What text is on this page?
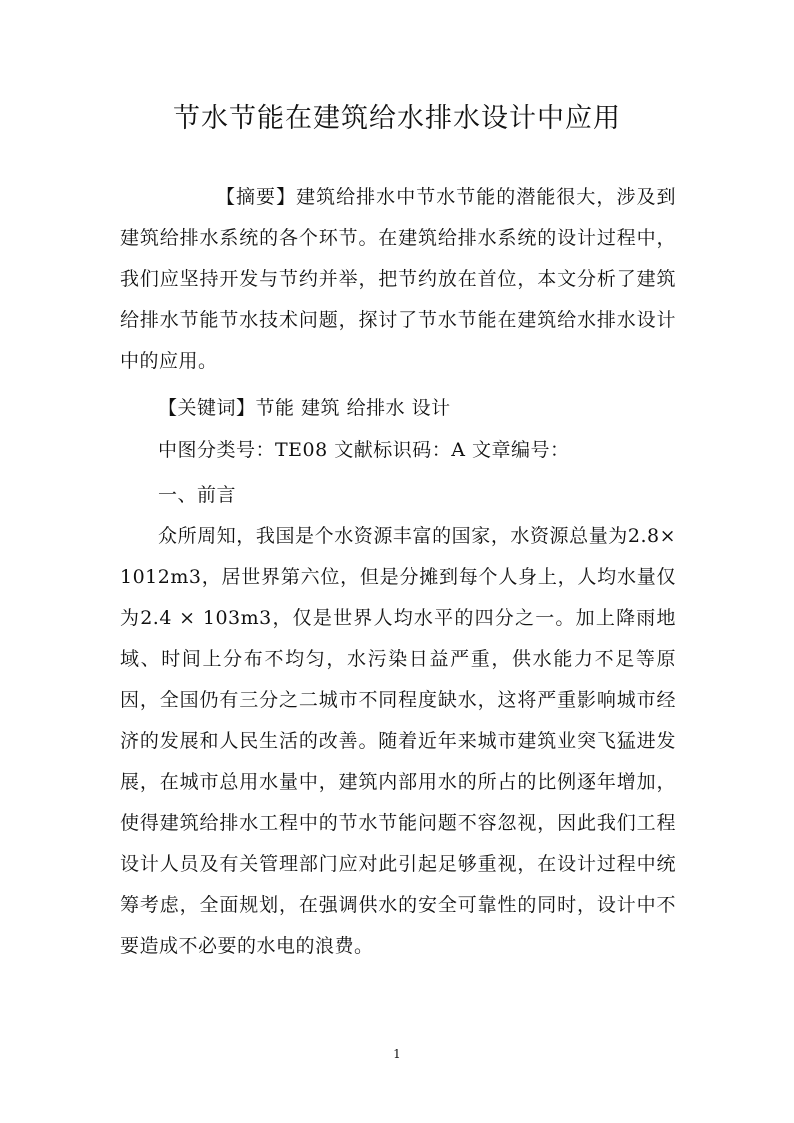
节水节能在建筑给水排水设计中应用

【摘要】建筑给排水中节水节能的潜能很大，涉及到建筑给排水系统的各个环节。在建筑给排水系统的设计过程中，我们应坚持开发与节约并举，把节约放在首位，本文分析了建筑给排水节能节水技术问题，探讨了节水节能在建筑给水排水设计中的应用。

【关键词】节能 建筑 给排水 设计

中图分类号：TE08 文献标识码：A 文章编号：

一、前言

众所周知，我国是个水资源丰富的国家，水资源总量为2.8× 1012m3，居世界第六位，但是分摊到每个人身上，人均水量仅为2.4 × 103m3，仅是世界人均水平的四分之一。加上降雨地域、时间上分布不均匀，水污染日益严重，供水能力不足等原因，全国仍有三分之二城市不同程度缺水，这将严重影响城市经济的发展和人民生活的改善。随着近年来城市建筑业突飞猛进发展，在城市总用水量中，建筑内部用水的所占的比例逐年增加，使得建筑给排水工程中的节水节能问题不容忽视，因此我们工程设计人员及有关管理部门应对此引起足够重视，在设计过程中统筹考虑，全面规划，在强调供水的安全可靠性的同时，设计中不要造成不必要的水电的浪费。

1
